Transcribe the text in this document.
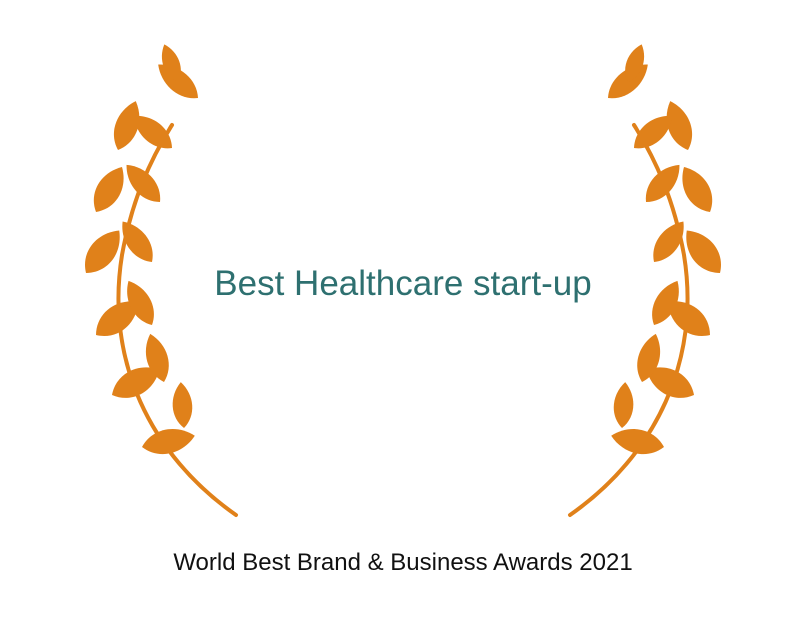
Best Healthcare start-up
World Best Brand & Business Awards 2021
